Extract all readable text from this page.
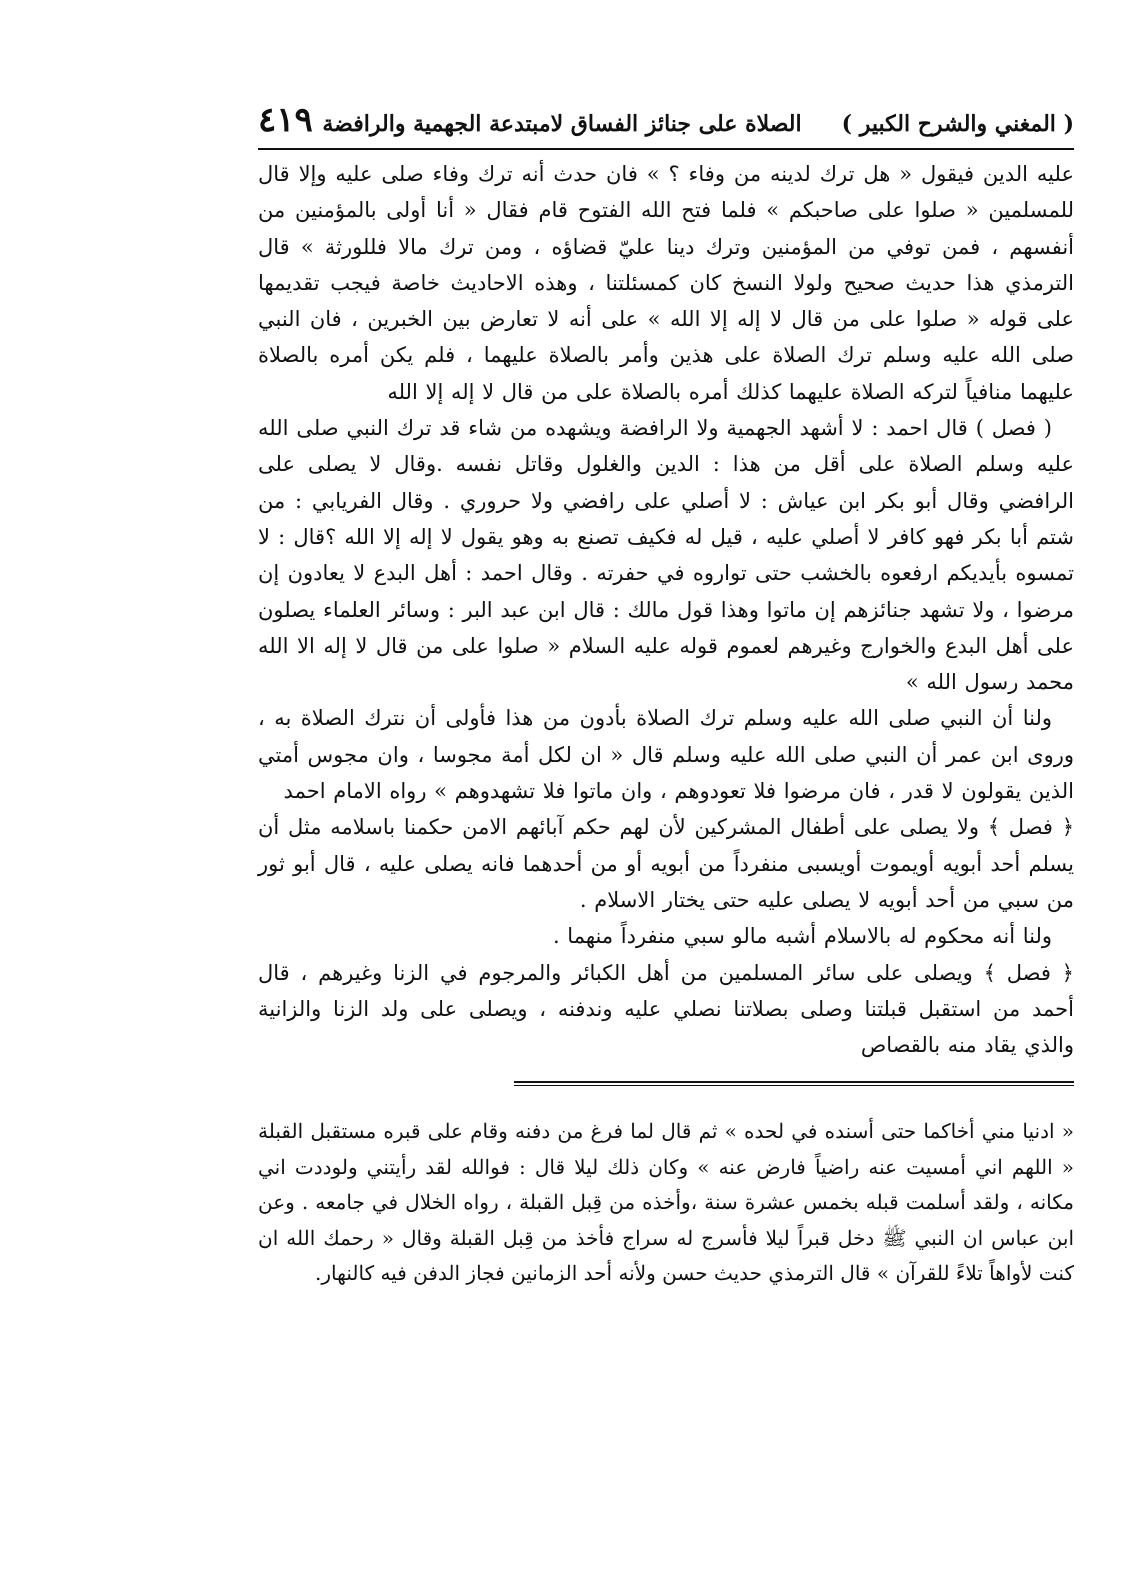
( المغني والشرح الكبير )
الصلاة على جنائز الفساق لامبتدعة الجهمية والرافضة
٤١٩

عليه الدين فيقول « هل ترك لدينه من وفاء ؟ » فان حدث أنه ترك وفاء صلى عليه وإلا قال للمسلمين « صلوا على صاحبكم » فلما فتح الله الفتوح قام فقال « أنا أولى بالمؤمنين من أنفسهم ، فمن توفي من المؤمنين وترك دينا عليّ قضاؤه ، ومن ترك مالا فللورثة » قال الترمذي هذا حديث صحيح ولولا النسخ كان كمسئلتنا ، وهذه الاحاديث خاصة فيجب تقديمها على قوله « صلوا على من قال لا إله إلا الله » على أنه لا تعارض بين الخبرين ، فان النبي صلى الله عليه وسلم ترك الصلاة على هذين وأمر بالصلاة عليهما ، فلم يكن أمره بالصلاة عليهما منافياً لتركه الصلاة عليهما كذلك أمره بالصلاة على من قال لا إله إلا الله

( فصل ) قال احمد : لا أشهد الجهمية ولا الرافضة ويشهده من شاء قد ترك النبي صلى الله عليه وسلم الصلاة على أقل من هذا : الدين والغلول وقاتل نفسه .وقال لا يصلى على الرافضي وقال أبو بكر ابن عياش : لا أصلي على رافضي ولا حروري . وقال الفريابي : من شتم أبا بكر فهو كافر لا أصلي عليه ، قيل له فكيف تصنع به وهو يقول لا إله إلا الله ؟قال : لا تمسوه بأيديكم ارفعوه بالخشب حتى تواروه في حفرته . وقال احمد : أهل البدع لا يعادون إن مرضوا ، ولا تشهد جنائزهم إن ماتوا وهذا قول مالك : قال ابن عبد البر : وسائر العلماء يصلون على أهل البدع والخوارج وغيرهم لعموم قوله عليه السلام « صلوا على من قال لا إله الا الله محمد رسول الله »

ولنا أن النبي صلى الله عليه وسلم ترك الصلاة بأدون من هذا فأولى أن نترك الصلاة به ، وروى ابن عمر أن النبي صلى الله عليه وسلم قال « ان لكل أمة مجوسا ، وان مجوس أمتي الذين يقولون لا قدر ، فان مرضوا فلا تعودوهم ، وان ماتوا فلا تشهدوهم » رواه الامام احمد

﴿ فصل ﴾ ولا يصلى على أطفال المشركين لأن لهم حكم آبائهم الامن حكمنا باسلامه مثل أن يسلم أحد أبويه أويموت أويسبى منفرداً من أبويه أو من أحدهما فانه يصلى عليه ، قال أبو ثور من سبي من أحد أبويه لا يصلى عليه حتى يختار الاسلام .

ولنا أنه محكوم له بالاسلام أشبه مالو سبي منفرداً منهما .

﴿ فصل ﴾ ويصلى على سائر المسلمين من أهل الكبائر والمرجوم في الزنا وغيرهم ، قال أحمد من استقبل قبلتنا وصلى بصلاتنا نصلي عليه وندفنه ، ويصلى على ولد الزنا والزانية والذي يقاد منه بالقصاص

« ادنيا مني أخاكما حتى أسنده في لحده » ثم قال لما فرغ من دفنه وقام على قبره مستقبل القبلة « اللهم اني أمسيت عنه راضياً فارض عنه » وكان ذلك ليلا قال : فوالله لقد رأيتني ولوددت اني مكانه ، ولقد أسلمت قبله بخمس عشرة سنة ،وأخذه من قِبل القبلة ، رواه الخلال في جامعه . وعن ابن عباس ان النبي ﷺ دخل قبراً ليلا فأسرج له سراج فأخذ من قِبل القبلة وقال « رحمك الله ان كنت لأواهاً تلاءً للقرآن » قال الترمذي حديث حسن ولأنه أحد الزمانين فجاز الدفن فيه كالنهار.
